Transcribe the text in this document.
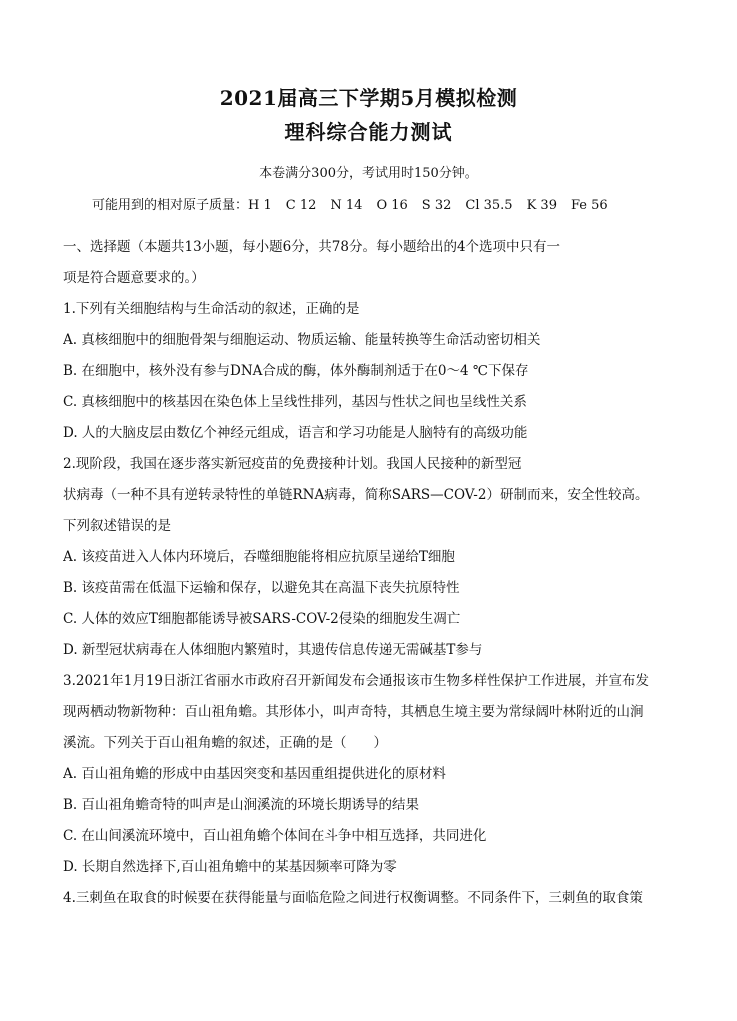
2021届高三下学期5月模拟检测
理科综合能力测试
本卷满分300分，考试用时150分钟。
可能用到的相对原子质量：H 1 C 12 N 14 O 16 S 32 Cl 35.5 K 39 Fe 56
一、选择题（本题共13小题，每小题6分，共78分。每小题给出的4个选项中只有一
项是符合题意要求的。）
1.下列有关细胞结构与生命活动的叙述，正确的是
A. 真核细胞中的细胞骨架与细胞运动、物质运输、能量转换等生命活动密切相关
B. 在细胞中，核外没有参与DNA合成的酶，体外酶制剂适于在0～4 ℃下保存
C. 真核细胞中的核基因在染色体上呈线性排列，基因与性状之间也呈线性关系
D. 人的大脑皮层由数亿个神经元组成，语言和学习功能是人脑特有的高级功能
2.现阶段，我国在逐步落实新冠疫苗的免费接种计划。我国人民接种的新型冠
状病毒（一种不具有逆转录特性的单链RNA病毒，简称SARS—COV-2）研制而来，安全性较高。
下列叙述错误的是
A. 该疫苗进入人体内环境后，吞噬细胞能将相应抗原呈递给T细胞
B. 该疫苗需在低温下运输和保存，以避免其在高温下丧失抗原特性
C. 人体的效应T细胞都能诱导被SARS-COV-2侵染的细胞发生凋亡
D. 新型冠状病毒在人体细胞内繁殖时，其遗传信息传递无需碱基T参与
3.2021年1月19日浙江省丽水市政府召开新闻发布会通报该市生物多样性保护工作进展，并宣布发
现两栖动物新物种：百山祖角蟾。其形体小，叫声奇特，其栖息生境主要为常绿阔叶林附近的山涧
溪流。下列关于百山祖角蟾的叙述，正确的是（　　）
A. 百山祖角蟾的形成中由基因突变和基因重组提供进化的原材料
B. 百山祖角蟾奇特的叫声是山涧溪流的环境长期诱导的结果
C. 在山间溪流环境中，百山祖角蟾个体间在斗争中相互选择，共同进化
D. 长期自然选择下,百山祖角蟾中的某基因频率可降为零
4.三刺鱼在取食的时候要在获得能量与面临危险之间进行权衡调整。不同条件下，三刺鱼的取食策
